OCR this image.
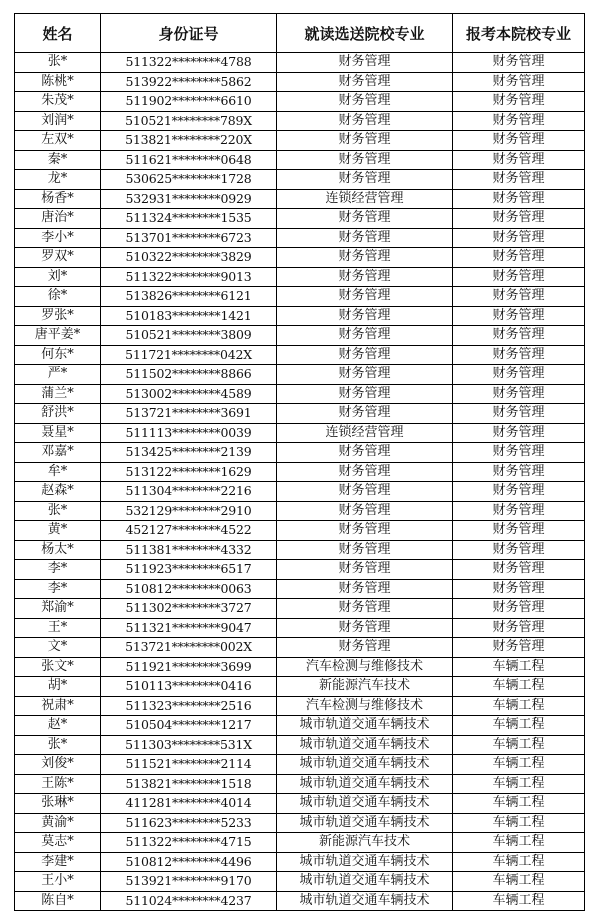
姓名	身份证号	就读选送院校专业	报考本院校专业
张*	511322********4788	财务管理	财务管理
陈桃*	513922********5862	财务管理	财务管理
朱茂*	511902********6610	财务管理	财务管理
刘润*	510521********789X	财务管理	财务管理
左双*	513821********220X	财务管理	财务管理
秦*	511621********0648	财务管理	财务管理
龙*	530625********1728	财务管理	财务管理
杨香*	532931********0929	连锁经营管理	财务管理
唐治*	511324********1535	财务管理	财务管理
李小*	513701********6723	财务管理	财务管理
罗双*	510322********3829	财务管理	财务管理
刘*	511322********9013	财务管理	财务管理
徐*	513826********6121	财务管理	财务管理
罗张*	510183********1421	财务管理	财务管理
唐平姜*	510521********3809	财务管理	财务管理
何东*	511721********042X	财务管理	财务管理
严*	511502********8866	财务管理	财务管理
蒲兰*	513002********4589	财务管理	财务管理
舒洪*	513721********3691	财务管理	财务管理
聂星*	511113********0039	连锁经营管理	财务管理
邓嘉*	513425********2139	财务管理	财务管理
牟*	513122********1629	财务管理	财务管理
赵森*	511304********2216	财务管理	财务管理
张*	532129********2910	财务管理	财务管理
黄*	452127********4522	财务管理	财务管理
杨太*	511381********4332	财务管理	财务管理
李*	511923********6517	财务管理	财务管理
李*	510812********0063	财务管理	财务管理
郑渝*	511302********3727	财务管理	财务管理
王*	511321********9047	财务管理	财务管理
文*	513721********002X	财务管理	财务管理
张文*	511921********3699	汽车检测与维修技术	车辆工程
胡*	510113********0416	新能源汽车技术	车辆工程
祝肃*	511323********2516	汽车检测与维修技术	车辆工程
赵*	510504********1217	城市轨道交通车辆技术	车辆工程
张*	511303********531X	城市轨道交通车辆技术	车辆工程
刘俊*	511521********2114	城市轨道交通车辆技术	车辆工程
王陈*	513821********1518	城市轨道交通车辆技术	车辆工程
张琳*	411281********4014	城市轨道交通车辆技术	车辆工程
黄渝*	511623********5233	城市轨道交通车辆技术	车辆工程
莫志*	511322********4715	新能源汽车技术	车辆工程
李建*	510812********4496	城市轨道交通车辆技术	车辆工程
王小*	513921********9170	城市轨道交通车辆技术	车辆工程
陈自*	511024********4237	城市轨道交通车辆技术	车辆工程
